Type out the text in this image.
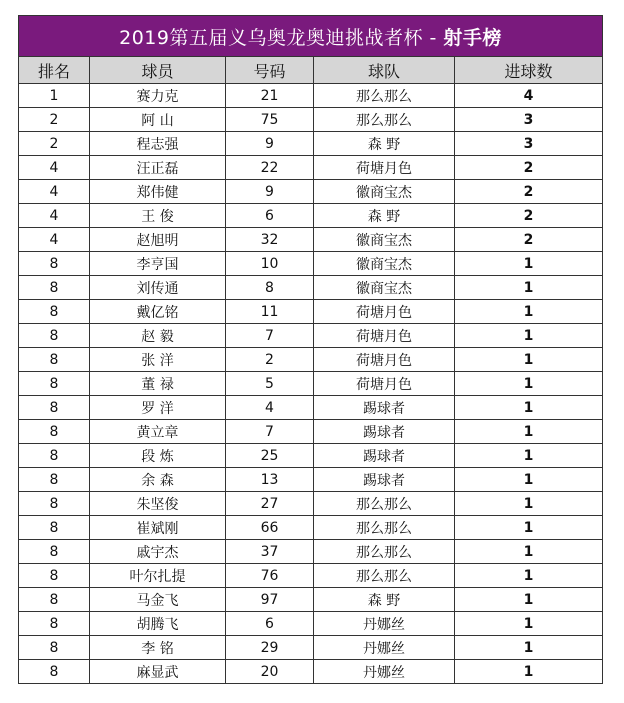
2019第五届义乌奥龙奥迪挑战者杯 - 射手榜				
排名	球员	号码	球队	进球数
1	赛力克	21	那么那么	4
2	阿 山	75	那么那么	3
2	程志强	9	森 野	3
4	汪正磊	22	荷塘月色	2
4	郑伟健	9	徽商宝杰	2
4	王 俊	6	森 野	2
4	赵旭明	32	徽商宝杰	2
8	李亨国	10	徽商宝杰	1
8	刘传通	8	徽商宝杰	1
8	戴亿铭	11	荷塘月色	1
8	赵 毅	7	荷塘月色	1
8	张 洋	2	荷塘月色	1
8	董 禄	5	荷塘月色	1
8	罗 洋	4	踢球者	1
8	黄立章	7	踢球者	1
8	段 炼	25	踢球者	1
8	余 森	13	踢球者	1
8	朱坚俊	27	那么那么	1
8	崔斌刚	66	那么那么	1
8	戚宇杰	37	那么那么	1
8	叶尔扎提	76	那么那么	1
8	马金飞	97	森 野	1
8	胡腾飞	6	丹娜丝	1
8	李 铭	29	丹娜丝	1
8	麻显武	20	丹娜丝	1
